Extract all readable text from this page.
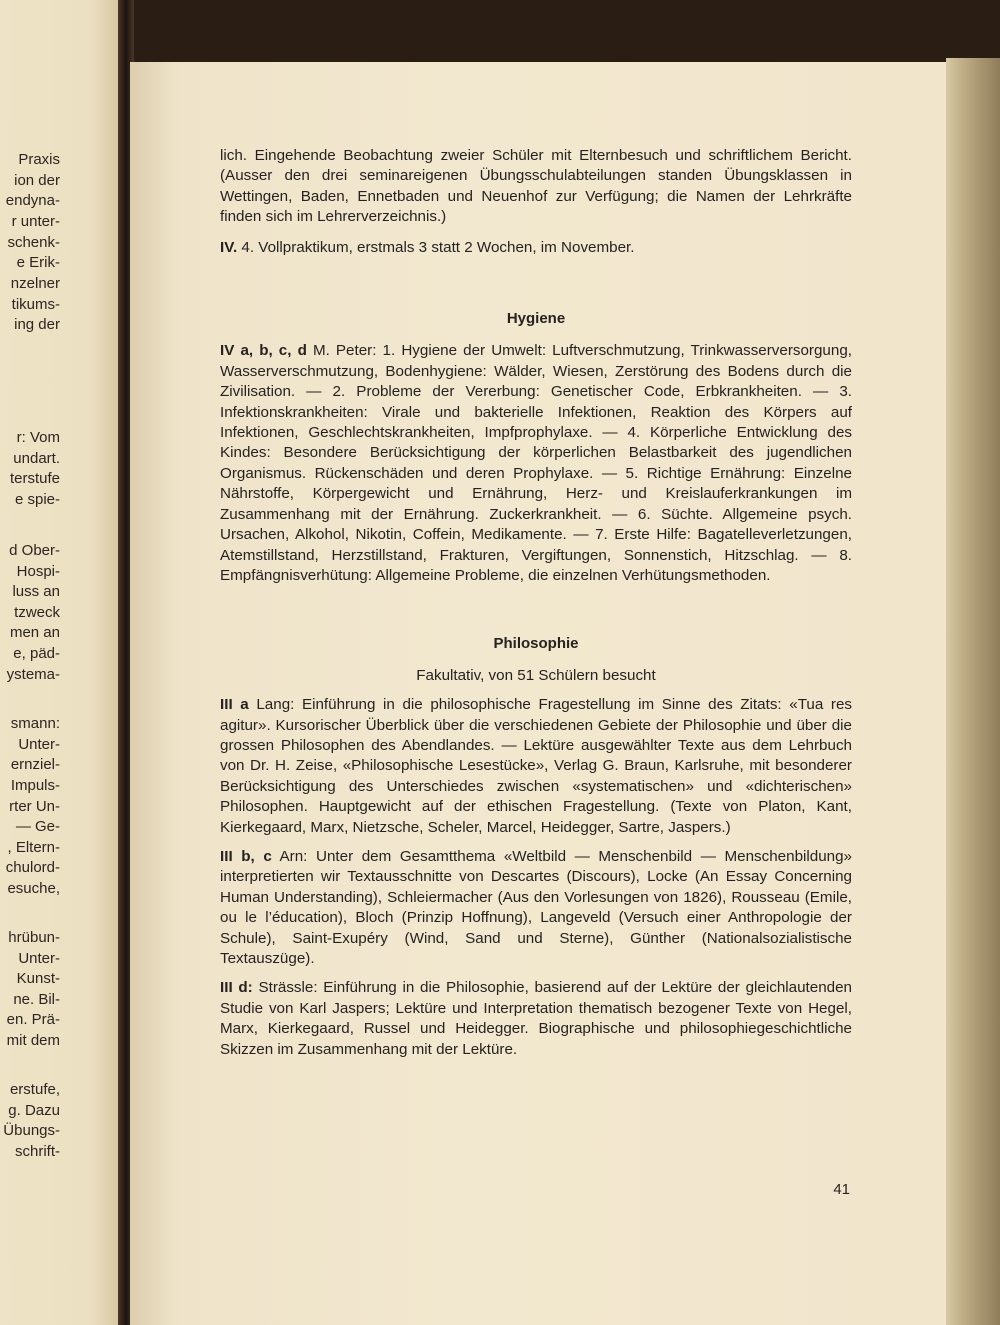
Praxis
ion der
endyna-
r unter-
schenk-
e Erik-
nzelner
tikums-
ing der
r: Vom
undart.
terstufe
e spie-
d Ober-
Hospi-
luss an
tzweck
men an
e, päd-
ystema-
smann:
Unter-
ernziel-
Impuls-
rter Un-
— Ge-
, Eltern-
chulord-
esuche,
hrübun-
Unter-
Kunst-
ne. Bil-
en. Prä-
mit dem
erstufe,
g. Dazu
Übungs-
schrift-

lich. Eingehende Beobachtung zweier Schüler mit Elternbesuch und schriftlichem Bericht. (Ausser den drei seminareigenen Übungsschulabteilungen standen Übungsklassen in Wettingen, Baden, Ennetbaden und Neuenhof zur Verfügung; die Namen der Lehrkräfte finden sich im Lehrerverzeichnis.)

IV. 4. Vollpraktikum, erstmals 3 statt 2 Wochen, im November.

Hygiene

IV a, b, c, d M. Peter: 1. Hygiene der Umwelt: Luftverschmutzung, Trinkwasserversorgung, Wasserverschmutzung, Bodenhygiene: Wälder, Wiesen, Zerstörung des Bodens durch die Zivilisation. — 2. Probleme der Vererbung: Genetischer Code, Erbkrankheiten. — 3. Infektionskrankheiten: Virale und bakterielle Infektionen, Reaktion des Körpers auf Infektionen, Geschlechtskrankheiten, Impfprophylaxe. — 4. Körperliche Entwicklung des Kindes: Besondere Berücksichtigung der körperlichen Belastbarkeit des jugendlichen Organismus. Rückenschäden und deren Prophylaxe. — 5. Richtige Ernährung: Einzelne Nährstoffe, Körpergewicht und Ernährung, Herz- und Kreislauferkrankungen im Zusammenhang mit der Ernährung. Zuckerkrankheit. — 6. Süchte. Allgemeine psych. Ursachen, Alkohol, Nikotin, Coffein, Medikamente. — 7. Erste Hilfe: Bagatelleverletzungen, Atemstillstand, Herzstillstand, Frakturen, Vergiftungen, Sonnenstich, Hitzschlag. — 8. Empfängnisverhütung: Allgemeine Probleme, die einzelnen Verhütungsmethoden.

Philosophie

Fakultativ, von 51 Schülern besucht

III a Lang: Einführung in die philosophische Fragestellung im Sinne des Zitats: «Tua res agitur». Kursorischer Überblick über die verschiedenen Gebiete der Philosophie und über die grossen Philosophen des Abendlandes. — Lektüre ausgewählter Texte aus dem Lehrbuch von Dr. H. Zeise, «Philosophische Lesestücke», Verlag G. Braun, Karlsruhe, mit besonderer Berücksichtigung des Unterschiedes zwischen «systematischen» und «dichterischen» Philosophen. Hauptgewicht auf der ethischen Fragestellung. (Texte von Platon, Kant, Kierkegaard, Marx, Nietzsche, Scheler, Marcel, Heidegger, Sartre, Jaspers.)

III b, c Arn: Unter dem Gesamtthema «Weltbild — Menschenbild — Menschenbildung» interpretierten wir Textausschnitte von Descartes (Discours), Locke (An Essay Concerning Human Understanding), Schleiermacher (Aus den Vorlesungen von 1826), Rousseau (Emile, ou le l’éducation), Bloch (Prinzip Hoffnung), Langeveld (Versuch einer Anthropologie der Schule), Saint-Exupéry (Wind, Sand und Sterne), Günther (Nationalsozialistische Textauszüge).

III d: Strässle: Einführung in die Philosophie, basierend auf der Lektüre der gleichlautenden Studie von Karl Jaspers; Lektüre und Interpretation thematisch bezogener Texte von Hegel, Marx, Kierkegaard, Russel und Heidegger. Biographische und philosophiegeschichtliche Skizzen im Zusammenhang mit der Lektüre.

41
